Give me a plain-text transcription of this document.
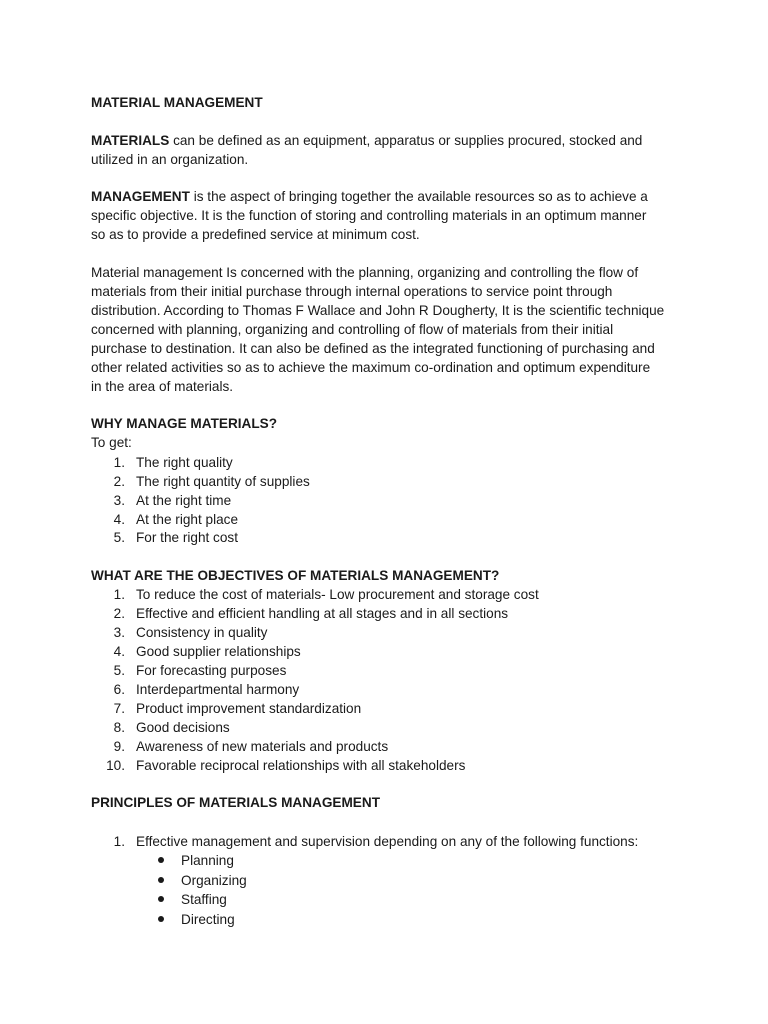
MATERIAL MANAGEMENT
MATERIALS can be defined as an equipment, apparatus or supplies procured, stocked and
utilized in an organization.
MANAGEMENT is the aspect of bringing together the available resources so as to achieve a
specific objective. It is the function of storing and controlling materials in an optimum manner
so as to provide a predefined service at minimum cost.
Material management Is concerned with the planning, organizing and controlling the flow of
materials from their initial purchase through internal operations to service point through
distribution. According to Thomas F Wallace and John R Dougherty, It is the scientific technique
concerned with planning, organizing and controlling of flow of materials from their initial
purchase to destination. It can also be defined as the integrated functioning of purchasing and
other related activities so as to achieve the maximum co-ordination and optimum expenditure
in the area of materials.
WHY MANAGE MATERIALS?
To get:
1. The right quality
2. The right quantity of supplies
3. At the right time
4. At the right place
5. For the right cost
WHAT ARE THE OBJECTIVES OF MATERIALS MANAGEMENT?
1. To reduce the cost of materials- Low procurement and storage cost
2. Effective and efficient handling at all stages and in all sections
3. Consistency in quality
4. Good supplier relationships
5. For forecasting purposes
6. Interdepartmental harmony
7. Product improvement standardization
8. Good decisions
9. Awareness of new materials and products
10. Favorable reciprocal relationships with all stakeholders
PRINCIPLES OF MATERIALS MANAGEMENT
1. Effective management and supervision depending on any of the following functions:
Planning
Organizing
Staffing
Directing
